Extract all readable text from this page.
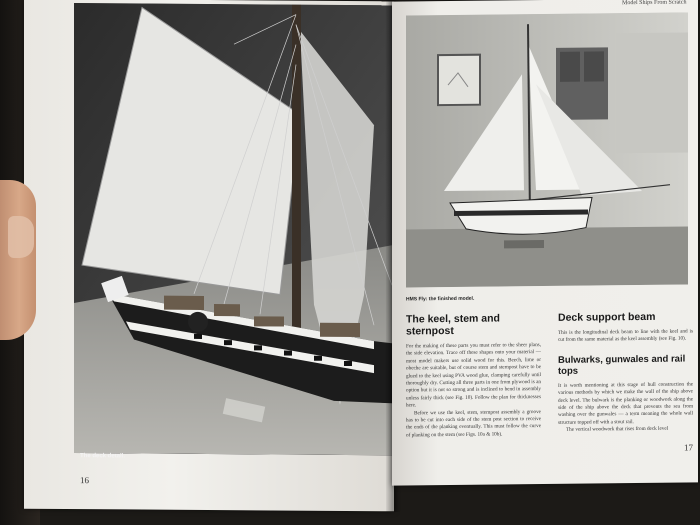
The deck detail.
16
Model Ships From Scratch
HMS Fly: the finished model.
The keel, stem and sternpost

For the making of these parts you must refer to the sheer plans, the side elevation. Trace off these shapes onto your material — most model makers use solid wood for this. Beech, lime or obeche are suitable, but of course stem and sternpost have to be glued to the keel using PVA wood glue, clamping carefully until thoroughly dry. Cutting all three parts in one from plywood is an option but it is not so strong and is inclined to bend in assembly unless fairly thick (see Fig. 10). Follow the plan for thicknesses here.

Before we use the keel, stem, sternpost assembly a groove has to be cut into each side of the stem post section to receive the ends of the planking eventually. This must follow the curve of planking on the stem (see Figs. 10a & 10b).

Deck support beam

This is the longitudinal deck beam to line with the keel and is cut from the same material as the keel assembly (see Fig. 10).

Bulwarks, gunwales and rail tops

It is worth mentioning at this stage of hull construction the various methods by which we make the wall of the ship above deck level. The bulwark is the planking or woodwork along the side of the ship above the deck that prevents the sea from washing over the gunwales — a term meaning the whole wall structure topped off with a stout rail.

The vertical woodwork that rises from deck level

17
